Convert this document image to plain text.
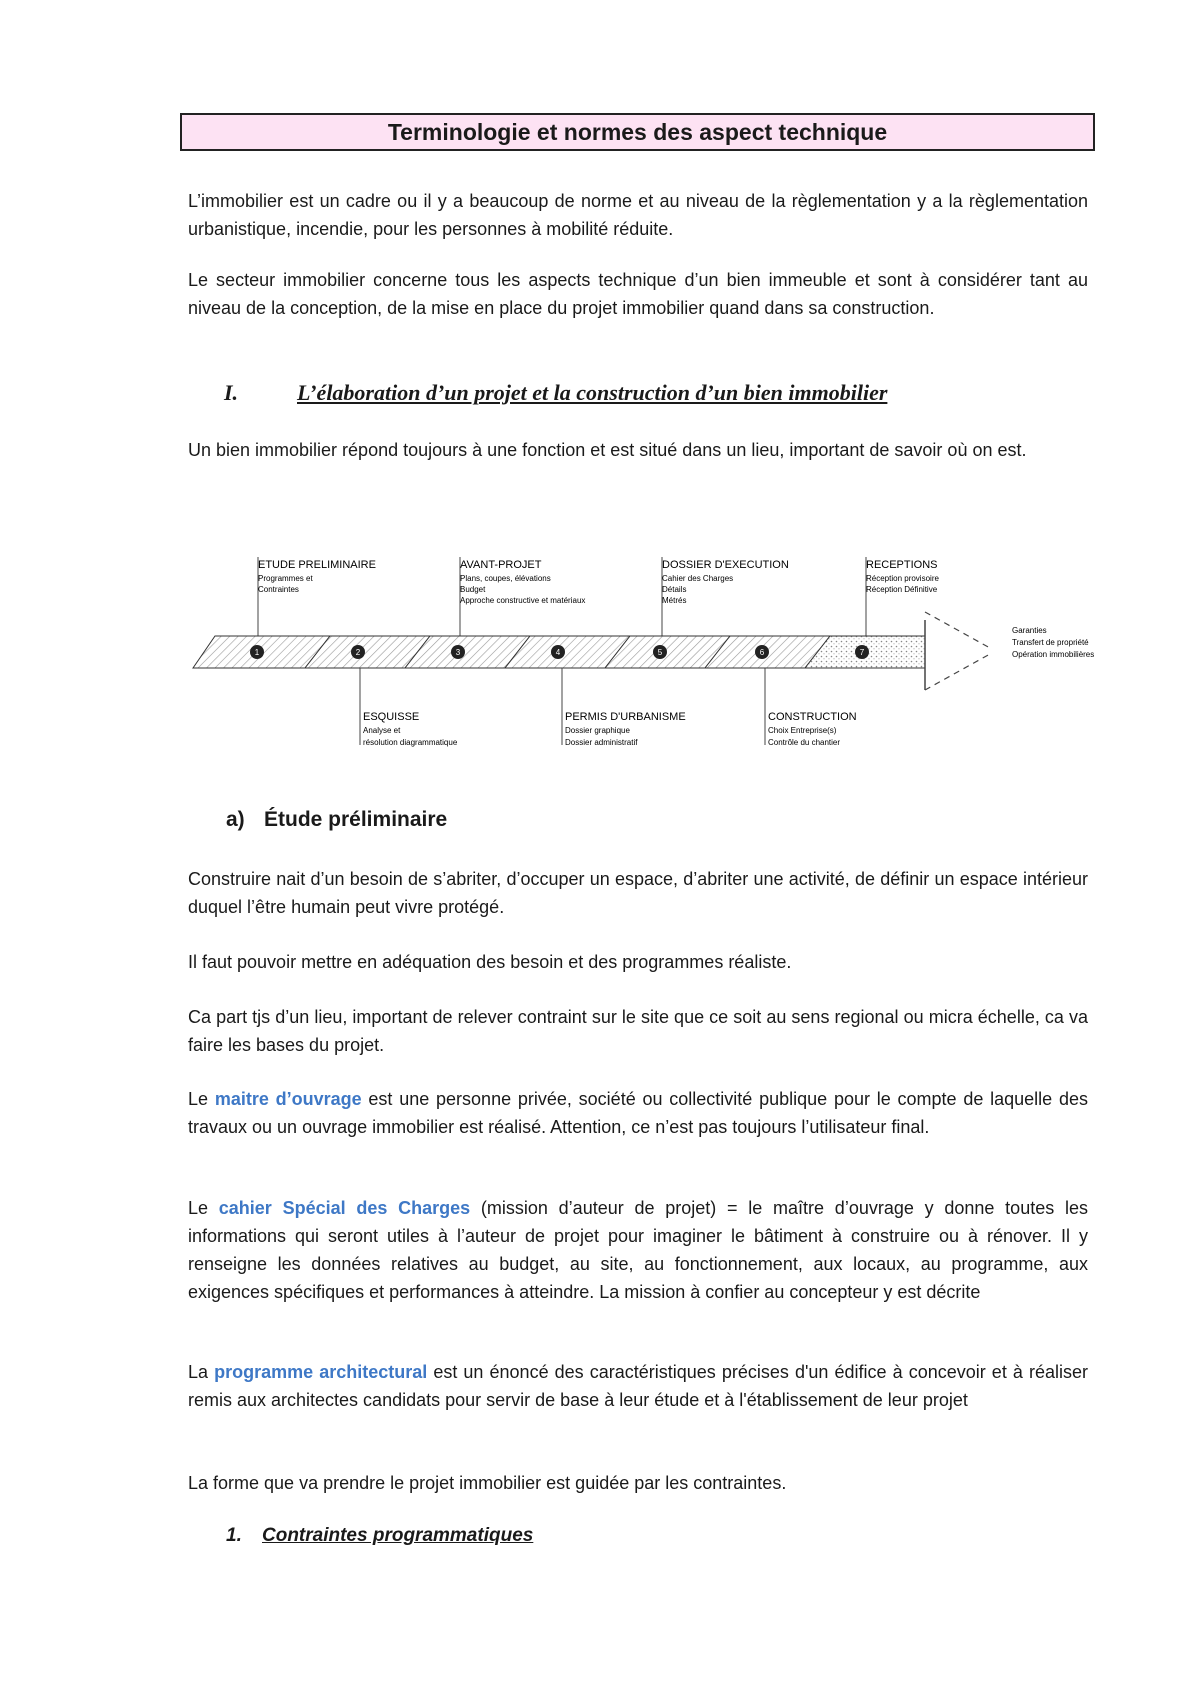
Terminologie et normes des aspect technique

L’immobilier est un cadre ou il y a beaucoup de norme et au niveau de la règlementation y a la règlementation urbanistique, incendie, pour les personnes à mobilité réduite.

Le secteur immobilier concerne tous les aspects technique d’un bien immeuble et sont à considérer tant au niveau de la conception, de la mise en place du projet immobilier quand dans sa construction.

I.	L’élaboration d’un projet et la construction d’un bien immobilier

Un bien immobilier répond toujours à une fonction et est situé dans un lieu, important de savoir où on est.

ETUDE PRELIMINAIRE
Programmes et
Contraintes
AVANT-PROJET
Plans, coupes, élévations
Budget
Approche constructive et matériaux
DOSSIER D'EXECUTION
Cahier des Charges
Détails
Métrés
RECEPTIONS
Réception provisoire
Réception Définitive
1	2	3	4	5	6	7
Garanties
Transfert de propriété
Opération immobilières
ESQUISSE
Analyse et
résolution diagrammatique
PERMIS D'URBANISME
Dossier graphique
Dossier administratif
CONSTRUCTION
Choix Entreprise(s)
Contrôle du chantier
a) Étude préliminaire

Construire nait d’un besoin de s’abriter, d’occuper un espace, d’abriter une activité, de définir un espace intérieur duquel l’être humain peut vivre protégé.

Il faut pouvoir mettre en adéquation des besoin et des programmes réaliste.

Ca part tjs d’un lieu, important de relever contraint sur le site que ce soit au sens regional ou micra échelle, ca va faire les bases du projet.

Le maitre d’ouvrage est une personne privée, société ou collectivité publique pour le compte de laquelle des travaux ou un ouvrage immobilier est réalisé. Attention, ce n’est pas toujours l’utilisateur final.

Le cahier Spécial des Charges (mission d’auteur de projet) = le maître d’ouvrage y donne toutes les informations qui seront utiles à l’auteur de projet pour imaginer le bâtiment à construire ou à rénover. Il y renseigne les données relatives au budget, au site, au fonctionnement, aux locaux, au programme, aux exigences spécifiques et performances à atteindre. La mission à confier au concepteur y est décrite

La programme architectural est un énoncé des caractéristiques précises d'un édifice à concevoir et à réaliser remis aux architectes candidats pour servir de base à leur étude et à l'établissement de leur projet

La forme que va prendre le projet immobilier est guidée par les contraintes.

1. Contraintes programmatiques
